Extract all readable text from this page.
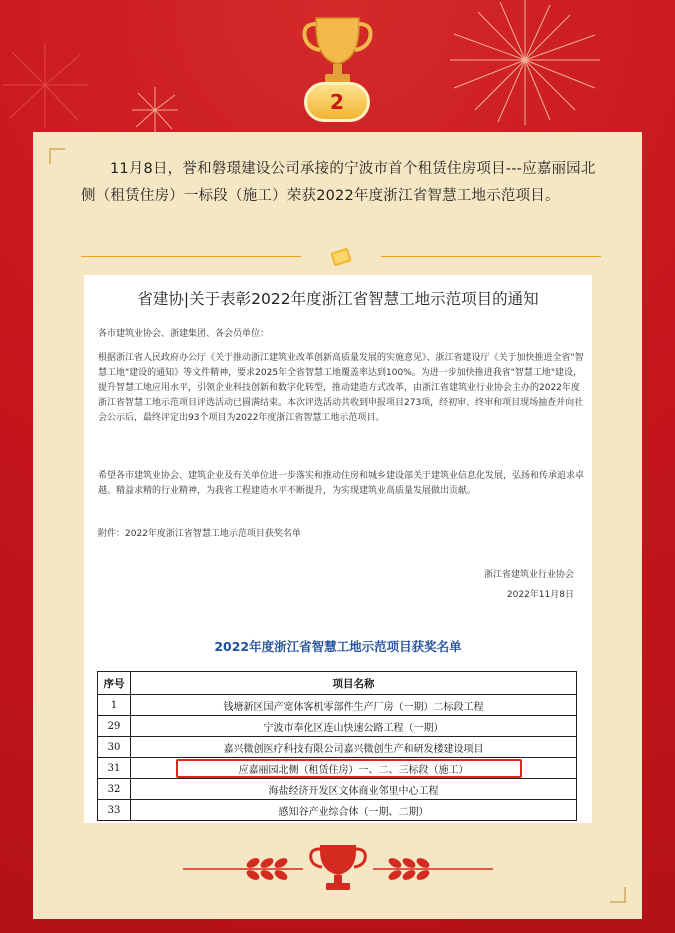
2
11月8日，誉和磐璟建设公司承接的宁波市首个租赁住房项目---应嘉丽园北侧（租赁住房）一标段（施工）荣获2022年度浙江省智慧工地示范项目。
省建协|关于表彰2022年度浙江省智慧工地示范项目的通知
各市建筑业协会、浙建集团、各会员单位：
根据浙江省人民政府办公厅《关于推动浙江建筑业改革创新高质量发展的实施意见》、浙江省建设厅《关于加快推进全省"智慧工地"建设的通知》等文件精神，要求2025年全省智慧工地覆盖率达到100%。为进一步加快推进我省"智慧工地"建设，提升智慧工地应用水平，引领企业科技创新和数字化转型，推动建造方式改革，由浙江省建筑业行业协会主办的2022年度浙江省智慧工地示范项目评选活动已圆满结束。本次评选活动共收到申报项目273项，经初审、终审和项目现场抽查并向社会公示后，最终评定出93个项目为2022年度浙江省智慧工地示范项目。
希望各市建筑业协会、建筑企业及有关单位进一步落实和推动住房和城乡建设部关于建筑业信息化发展，弘扬和传承追求卓越、精益求精的行业精神，为我省工程建造水平不断提升，为实现建筑业高质量发展做出贡献。
附件：2022年度浙江省智慧工地示范项目获奖名单
浙江省建筑业行业协会
2022年11月8日
2022年度浙江省智慧工地示范项目获奖名单
序号	项目名称
1	钱塘新区国产宽体客机零部件生产厂房（一期）二标段工程
29	宁波市奉化区连山快速公路工程（一期）
30	嘉兴微创医疗科技有限公司嘉兴微创生产和研发楼建设项目
31	应嘉丽园北侧（租赁住房）一、二、三标段（施工）
32	海盐经济开发区文体商业邻里中心工程
33	感知谷产业综合体（一期、二期）
